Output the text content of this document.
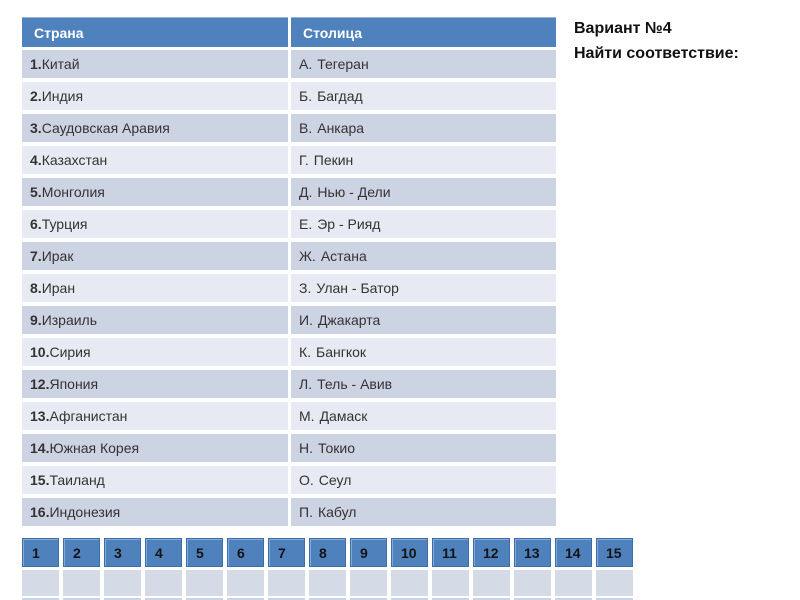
Страна	Столица
1. Китай	А. Тегеран
2. Индия	Б. Багдад
3. Саудовская Аравия	В. Анкара
4. Казахстан	Г. Пекин
5. Монголия	Д. Нью - Дели
6. Турция	Е. Эр - Рияд
7. Ирак	Ж. Астана
8. Иран	З. Улан - Батор
9. Израиль	И. Джакарта
10. Сирия	К. Бангкок
12. Япония	Л. Тель - Авив
13. Афганистан	М. Дамаск
14. Южная Корея	Н. Токио
15. Таиланд	О. Сеул
16. Индонезия	П. Кабул
Вариант №4
Найти соответствие:
1	2	3	4	5	6	7	8	9	10	11	12	13	14	15
